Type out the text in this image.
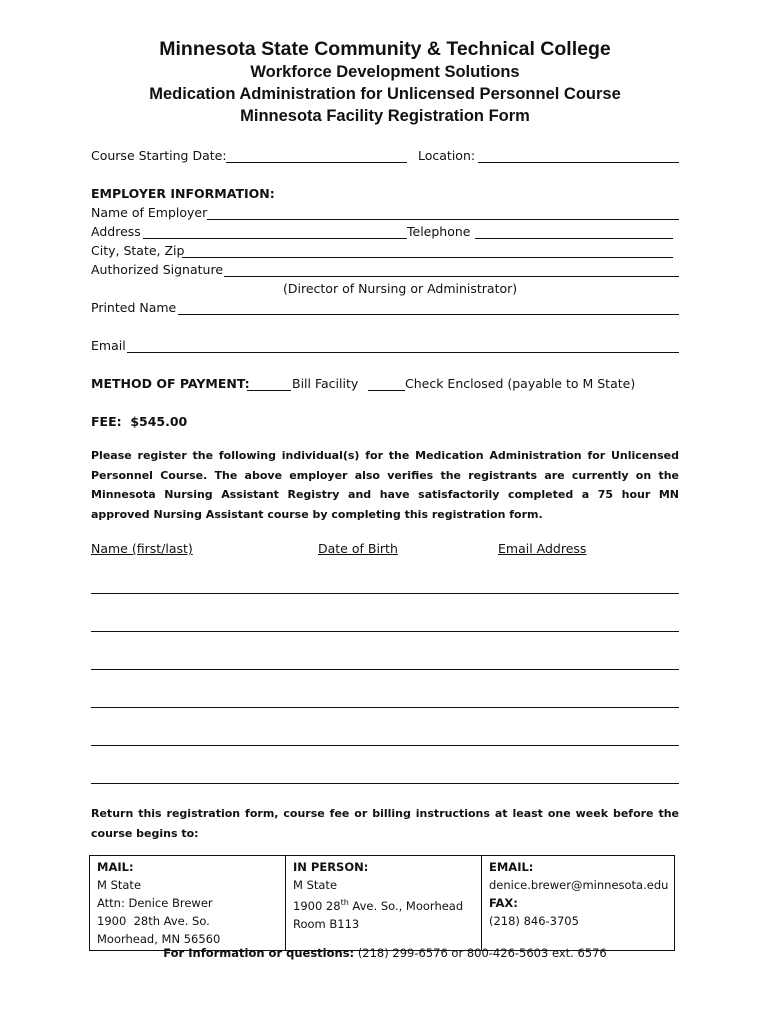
Minnesota State Community & Technical College
Workforce Development Solutions
Medication Administration for Unlicensed Personnel Course
Minnesota Facility Registration Form
Course Starting Date:	Location:
EMPLOYER INFORMATION:
Name of Employer
Address	Telephone
City, State, Zip
Authorized Signature
(Director of Nursing or Administrator)
Printed Name
Email
METHOD OF PAYMENT:	Bill Facility	Check Enclosed (payable to M State)
FEE:  $545.00
Please register the following individual(s) for the Medication Administration for Unlicensed Personnel Course. The above employer also verifies the registrants are currently on the Minnesota Nursing Assistant Registry and have satisfactorily completed a 75 hour MN approved Nursing Assistant course by completing this registration form.
Name (first/last)	Date of Birth	Email Address
Return this registration form, course fee or billing instructions at least one week before the course begins to:
MAIL:
M State
Attn: Denice Brewer
1900  28th Ave. So.
Moorhead, MN 56560

IN PERSON:
M State
1900 28th Ave. So., Moorhead
Room B113

EMAIL:
denice.brewer@minnesota.edu
FAX:
(218) 846-3705
For Information or questions: (218) 299-6576 or 800-426-5603 ext. 6576
